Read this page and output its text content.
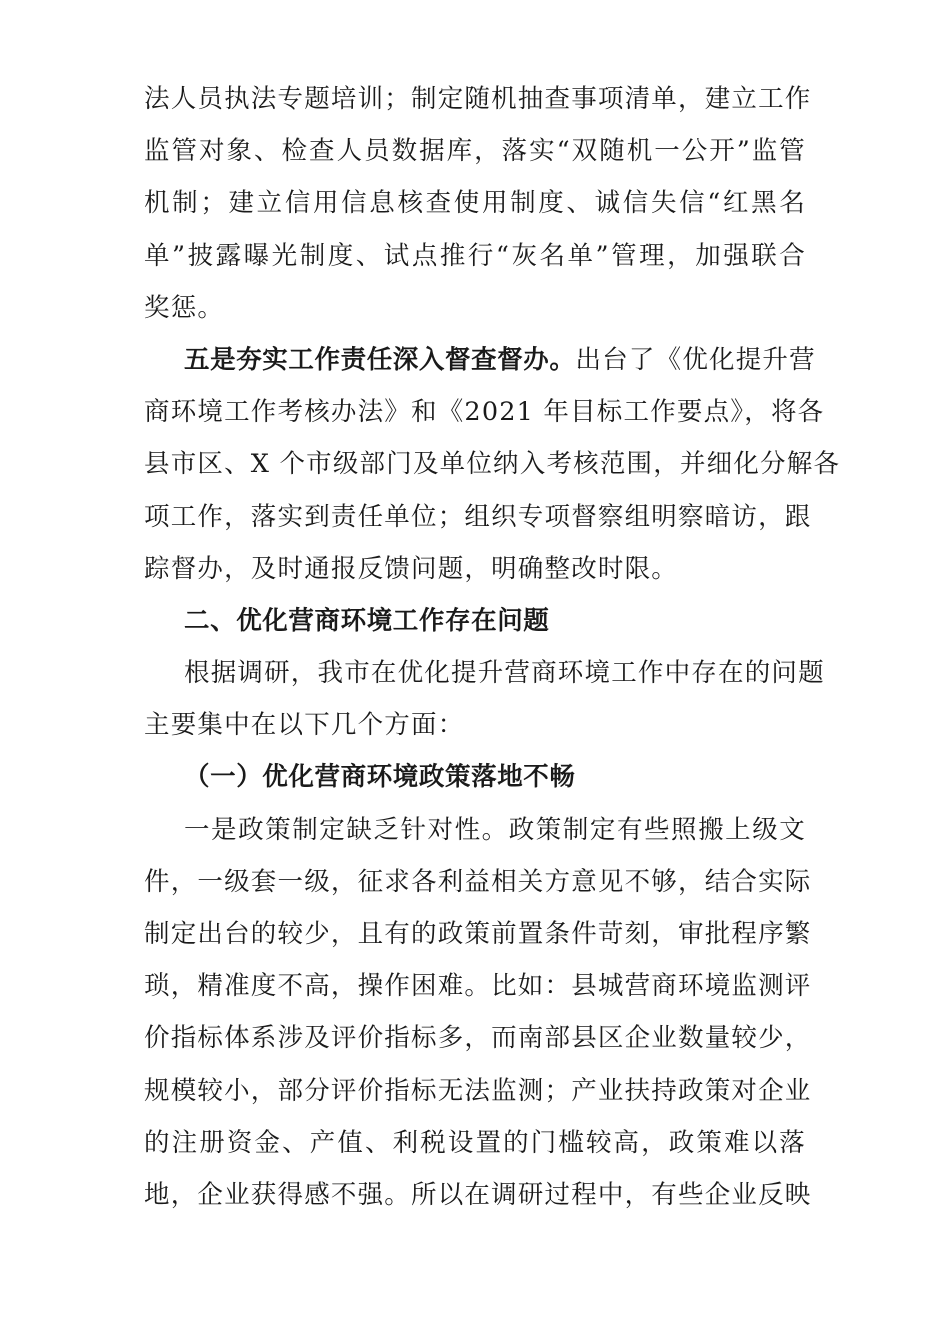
法人员执法专题培训；制定随机抽查事项清单，建立工作
监管对象、检查人员数据库，落实“双随机一公开”监管
机制；建立信用信息核查使用制度、诚信失信“红黑名
单”披露曝光制度、试点推行“灰名单”管理，加强联合
奖惩。
五是夯实工作责任深入督查督办。出台了《优化提升营
商环境工作考核办法》和《2021 年目标工作要点》，将各
县市区、X 个市级部门及单位纳入考核范围，并细化分解各
项工作，落实到责任单位；组织专项督察组明察暗访，跟
踪督办，及时通报反馈问题，明确整改时限。
二、优化营商环境工作存在问题
根据调研，我市在优化提升营商环境工作中存在的问题
主要集中在以下几个方面：
（一）优化营商环境政策落地不畅
一是政策制定缺乏针对性。政策制定有些照搬上级文
件，一级套一级，征求各利益相关方意见不够，结合实际
制定出台的较少，且有的政策前置条件苛刻，审批程序繁
琐，精准度不高，操作困难。比如：县城营商环境监测评
价指标体系涉及评价指标多，而南部县区企业数量较少，
规模较小，部分评价指标无法监测；产业扶持政策对企业
的注册资金、产值、利税设置的门槛较高，政策难以落
地，企业获得感不强。所以在调研过程中，有些企业反映
